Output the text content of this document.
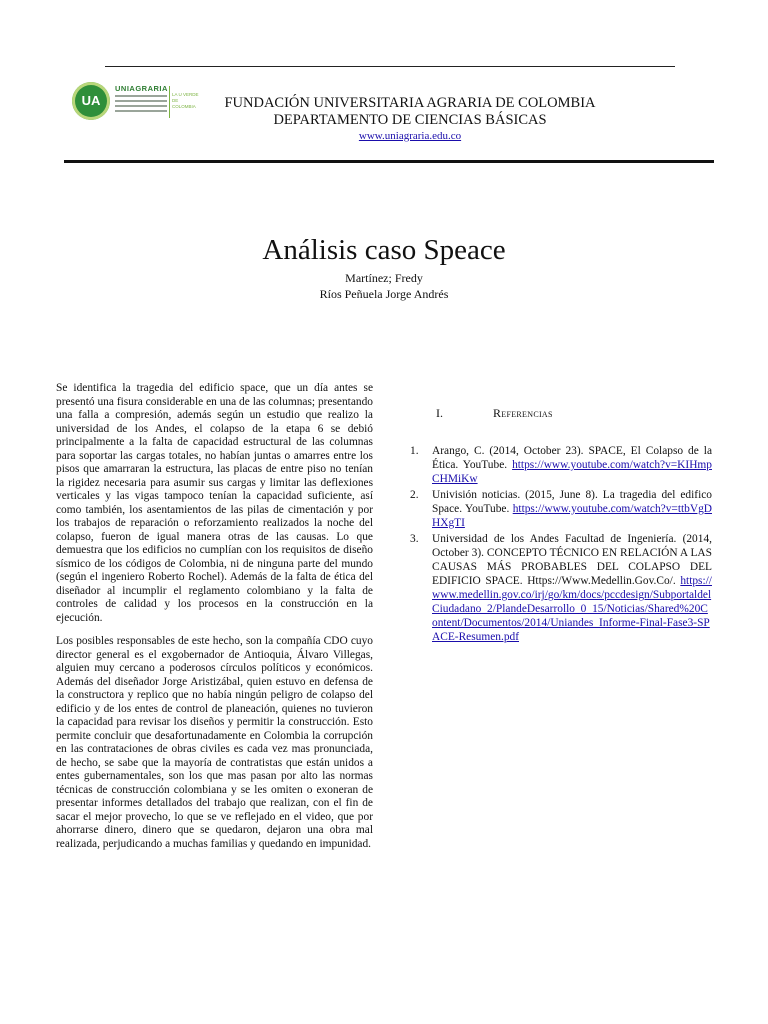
UA
UNIAGRARIA
LA U VERDE DE COLOMBIA	FUNDACIÓN UNIVERSITARIA AGRARIA DE COLOMBIA
DEPARTAMENTO DE CIENCIAS BÁSICAS
www.uniagraria.edu.co
Análisis caso Speace
Martínez; Fredy
Ríos Peñuela Jorge Andrés

Se identifica la tragedia del edificio space, que un día antes se presentó una fisura considerable en una de las columnas; presentando una falla a compresión, además según un estudio que realizo la universidad de los Andes, el colapso de la etapa 6 se debió principalmente a la falta de capacidad estructural de las columnas para soportar las cargas totales, no habían juntas o amarres entre los pisos que amarraran la estructura, las placas de entre piso no tenían la rigidez necesaria para asumir sus cargas y limitar las deflexiones verticales y las vigas tampoco tenían la capacidad suficiente, así como también, los asentamientos de las pilas de cimentación y por los trabajos de reparación o reforzamiento realizados la noche del colapso, fueron de igual manera otras de las causas. Lo que demuestra que los edificios no cumplían con los requisitos de diseño sísmico de los códigos de Colombia, ni de ninguna parte del mundo (según el ingeniero Roberto Rochel). Además de la falta de ética del diseñador al incumplir el reglamento colombiano y la falta de controles de calidad y los procesos en la construcción en la ejecución.

Los posibles responsables de este hecho, son la compañía CDO cuyo director general es el exgobernador de Antioquia, Álvaro Villegas, alguien muy cercano a poderosos círculos políticos y económicos. Además del diseñador Jorge Aristizábal, quien estuvo en defensa de la constructora y replico que no había ningún peligro de colapso del edificio y de los entes de control de planeación, quienes no tuvieron la capacidad para revisar los diseños y permitir la construcción. Esto permite concluir que desafortunadamente en Colombia la corrupción en las contrataciones de obras civiles es cada vez mas pronunciada, de hecho, se sabe que la mayoría de contratistas que están unidos a entes gubernamentales, son los que mas pasan por alto las normas técnicas de construcción colombiana y se les omiten o exoneran de presentar informes detallados del trabajo que realizan, con el fin de sacar el mejor provecho, lo que se ve reflejado en el video, que por ahorrarse dinero, dinero que se quedaron, dejaron una obra mal realizada, perjudicando a muchas familias y quedando en impunidad.

I.	Referencias
1. Arango, C. (2014, October 23). SPACE, El Colapso de la Ética. YouTube. https://www.youtube.com/watch?v=KIHmpCHMiKw
2. Univisión noticias. (2015, June 8). La tragedia del edifico Space. YouTube. https://www.youtube.com/watch?v=ttbVgDHXgTI
3. Universidad de los Andes Facultad de Ingeniería. (2014, October 3). CONCEPTO TÉCNICO EN RELACIÓN A LAS CAUSAS MÁS PROBABLES DEL COLAPSO DEL EDIFICIO SPACE. Https://Www.Medellin.Gov.Co/. https://www.medellin.gov.co/irj/go/km/docs/pccdesign/SubportaldelCiudadano_2/PlandeDesarrollo_0_15/Noticias/Shared%20Content/Documentos/2014/Uniandes_Informe-Final-Fase3-SPACE-Resumen.pdf
